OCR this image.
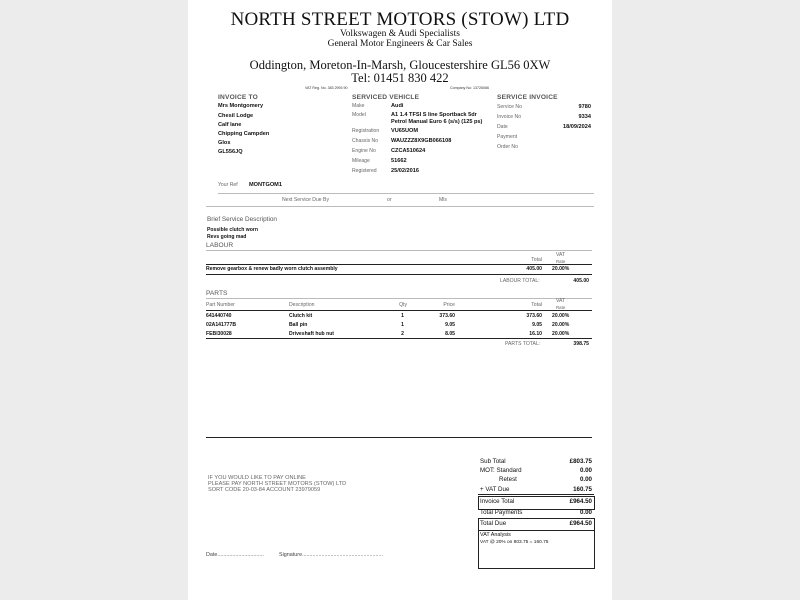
NORTH STREET MOTORS (STOW) LTD
Volkswagen & Audi Specialists
General Motor Engineers & Car Sales
Oddington, Moreton-In-Marsh, Gloucestershire GL56 0XW
Tel: 01451 830 422
VAT Reg. No. 383 2993 90	Company No: 13726066
INVOICE TO
Mrs Montgomery
Chesil Lodge
Calf lane
Chipping Campden
Glos
GL556JQ
SERVICED VEHICLE
Make	Audi
Model	A1 1.4 TFSI S line Sportback 5dr
Petrol Manual Euro 6 (s/s) (125 ps)
Registration VU65UOM
Chassis No WAUZZZ8X9GB066108
Engine No	CZCA510624
Mileage	51662
Registered	25/02/2016
SERVICE INVOICE
Service No	9780
Invoice No	9334
Date	18/09/2024
Payment
Order No
Your Ref MONTGOM1
Next Service Due By	or	Mls
Brief Service Description
Possible clutch worn
Revs going mad
LABOUR
Total
VAT
Rate
Remove gearbox & renew badly worn clutch assembly	405.00 20.00%
LABOUR TOTAL:	405.00
PARTS
Part Number	Description	Qty	Price	Total
VAT
Rate
641440740	Clutch kit	1	373.60	373.60 20.00%
02A141777B	Ball pin	1	9.05	9.05 20.00%
FEBI30028	Driveshaft hub nut	2	8.05	16.10 20.00%
PARTS TOTAL:	398.75
IF YOU WOULD LIKE TO PAY ONLINE
PLEASE PAY NORTH STREET MOTORS (STOW) LTD
SORT CODE 20-03-84 ACCOUNT 23979059
Sub Total	£803.75
MOT: Standard	0.00
Retest	0.00
+ VAT Due	160.75
Invoice Total	£964.50
Total Payments	0.00
Total Due	£964.50
VAT Analysis
VAT @ 20% on 803.75 = 160.75
Date...............................	Signature......................................................
